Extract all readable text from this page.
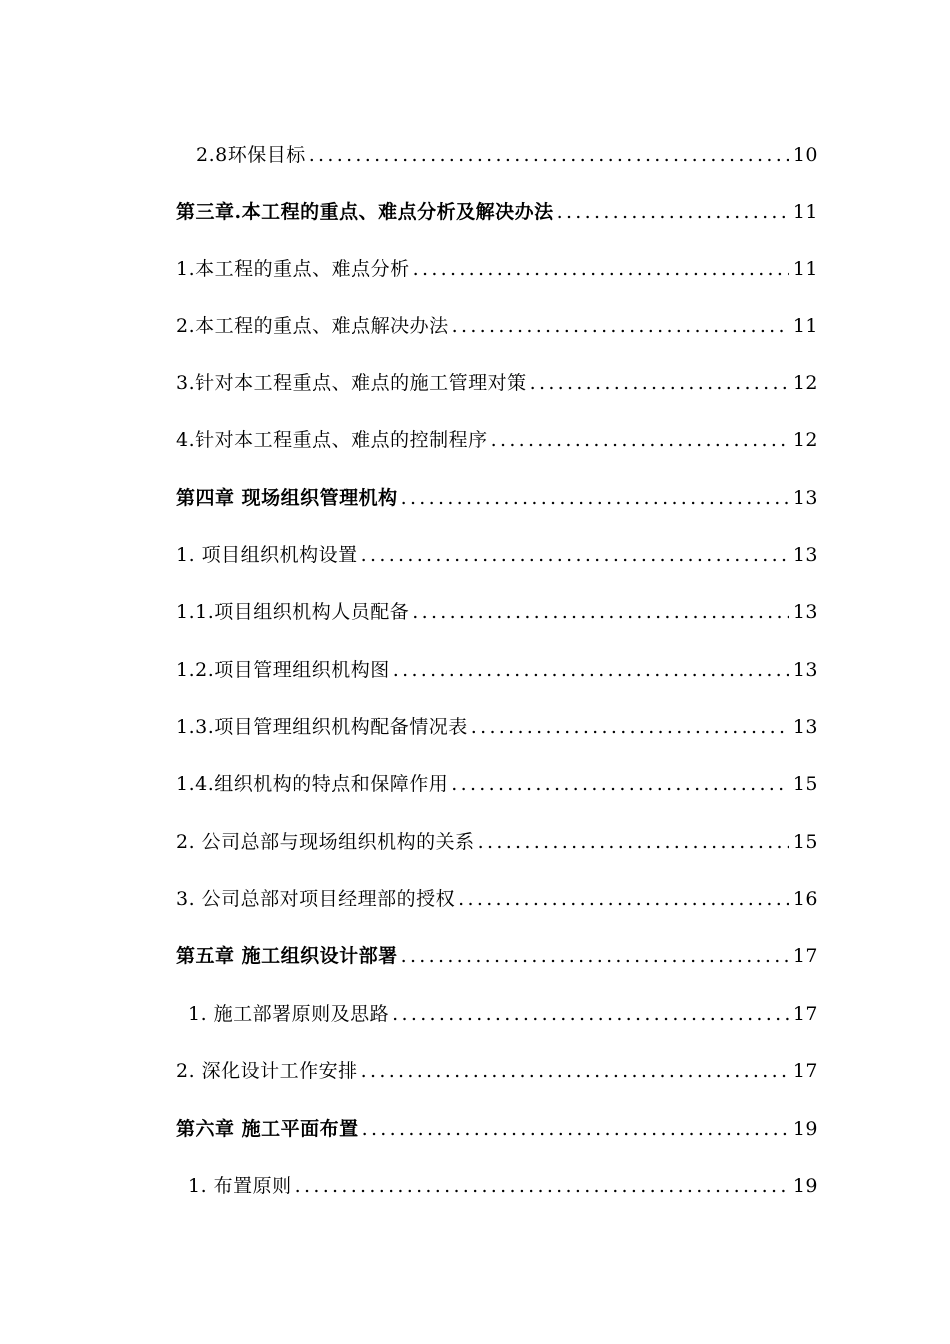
2.8环保目标 .....	10
第三章.本工程的重点、难点分析及解决办法 .....	11
1.本工程的重点、难点分析 .....	11
2.本工程的重点、难点解决办法 .....	11
3.针对本工程重点、难点的施工管理对策 .....	12
4.针对本工程重点、难点的控制程序 .....	12
第四章 现场组织管理机构 .....	13
1. 项目组织机构设置 .....	13
1.1.项目组织机构人员配备 .....	13
1.2.项目管理组织机构图 .....	13
1.3.项目管理组织机构配备情况表 .....	13
1.4.组织机构的特点和保障作用 .....	15
2. 公司总部与现场组织机构的关系 .....	15
3. 公司总部对项目经理部的授权 .....	16
第五章 施工组织设计部署 .....	17
1. 施工部署原则及思路 .....	17
2. 深化设计工作安排 .....	17
第六章 施工平面布置 .....	19
1. 布置原则 .....	19
